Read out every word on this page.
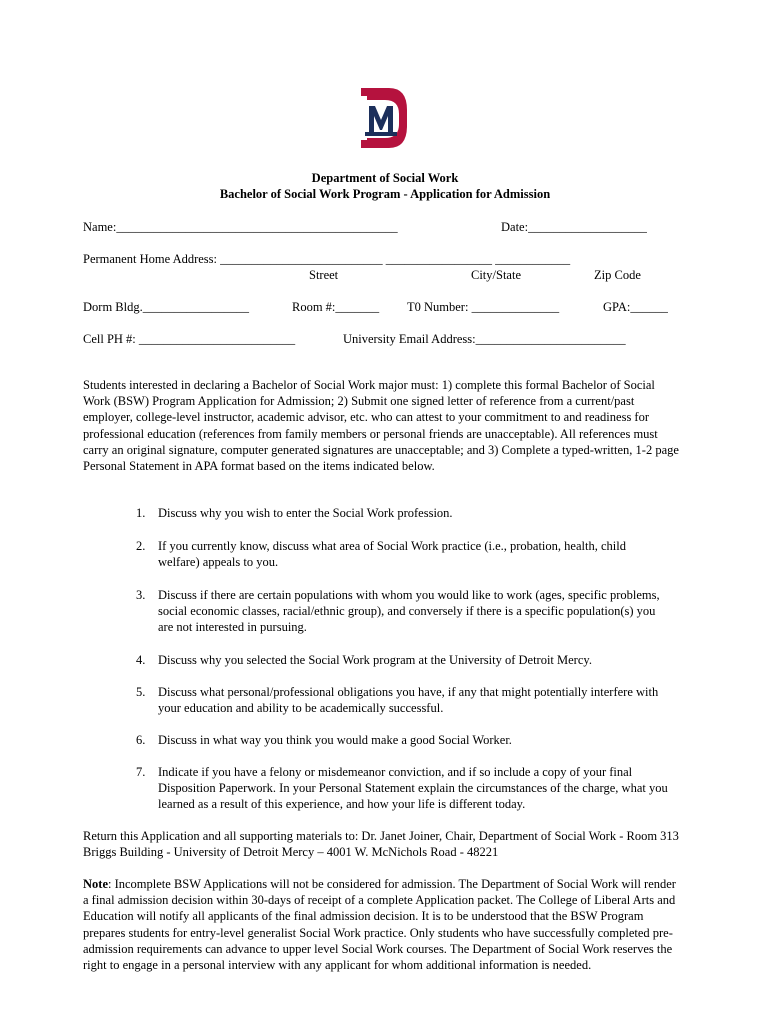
Department of Social Work
Bachelor of Social Work Program - Application for Admission
Name:_____________________________________________	Date:___________________
Permanent Home Address: __________________________ _________________ ____________
Street	City/State	Zip Code
Dorm Bldg._________________	Room #:_______ T0 Number: ______________	GPA:______
Cell PH #: _________________________	University Email Address:________________________
Students interested in declaring a Bachelor of Social Work major must: 1) complete this formal Bachelor of Social Work (BSW) Program Application for Admission; 2) Submit one signed letter of reference from a current/past employer, college-level instructor, academic advisor, etc. who can attest to your commitment to and readiness for professional education (references from family members or personal friends are unacceptable). All references must carry an original signature, computer generated signatures are unacceptable; and 3) Complete a typed-written, 1-2 page Personal Statement in APA format based on the items indicated below.
1. Discuss why you wish to enter the Social Work profession.
2. If you currently know, discuss what area of Social Work practice (i.e., probation, health, child welfare) appeals to you.
3. Discuss if there are certain populations with whom you would like to work (ages, specific problems, social economic classes, racial/ethnic group), and conversely if there is a specific population(s) you are not interested in pursuing.
4. Discuss why you selected the Social Work program at the University of Detroit Mercy.
5. Discuss what personal/professional obligations you have, if any that might potentially interfere with your education and ability to be academically successful.
6. Discuss in what way you think you would make a good Social Worker.
7. Indicate if you have a felony or misdemeanor conviction, and if so include a copy of your final Disposition Paperwork. In your Personal Statement explain the circumstances of the charge, what you learned as a result of this experience, and how your life is different today.
Return this Application and all supporting materials to: Dr. Janet Joiner, Chair, Department of Social Work - Room 313 Briggs Building - University of Detroit Mercy – 4001 W. McNichols Road - 48221
Note: Incomplete BSW Applications will not be considered for admission. The Department of Social Work will render a final admission decision within 30-days of receipt of a complete Application packet. The College of Liberal Arts and Education will notify all applicants of the final admission decision. It is to be understood that the BSW Program prepares students for entry-level generalist Social Work practice. Only students who have successfully completed pre-admission requirements can advance to upper level Social Work courses. The Department of Social Work reserves the right to engage in a personal interview with any applicant for whom additional information is needed.
